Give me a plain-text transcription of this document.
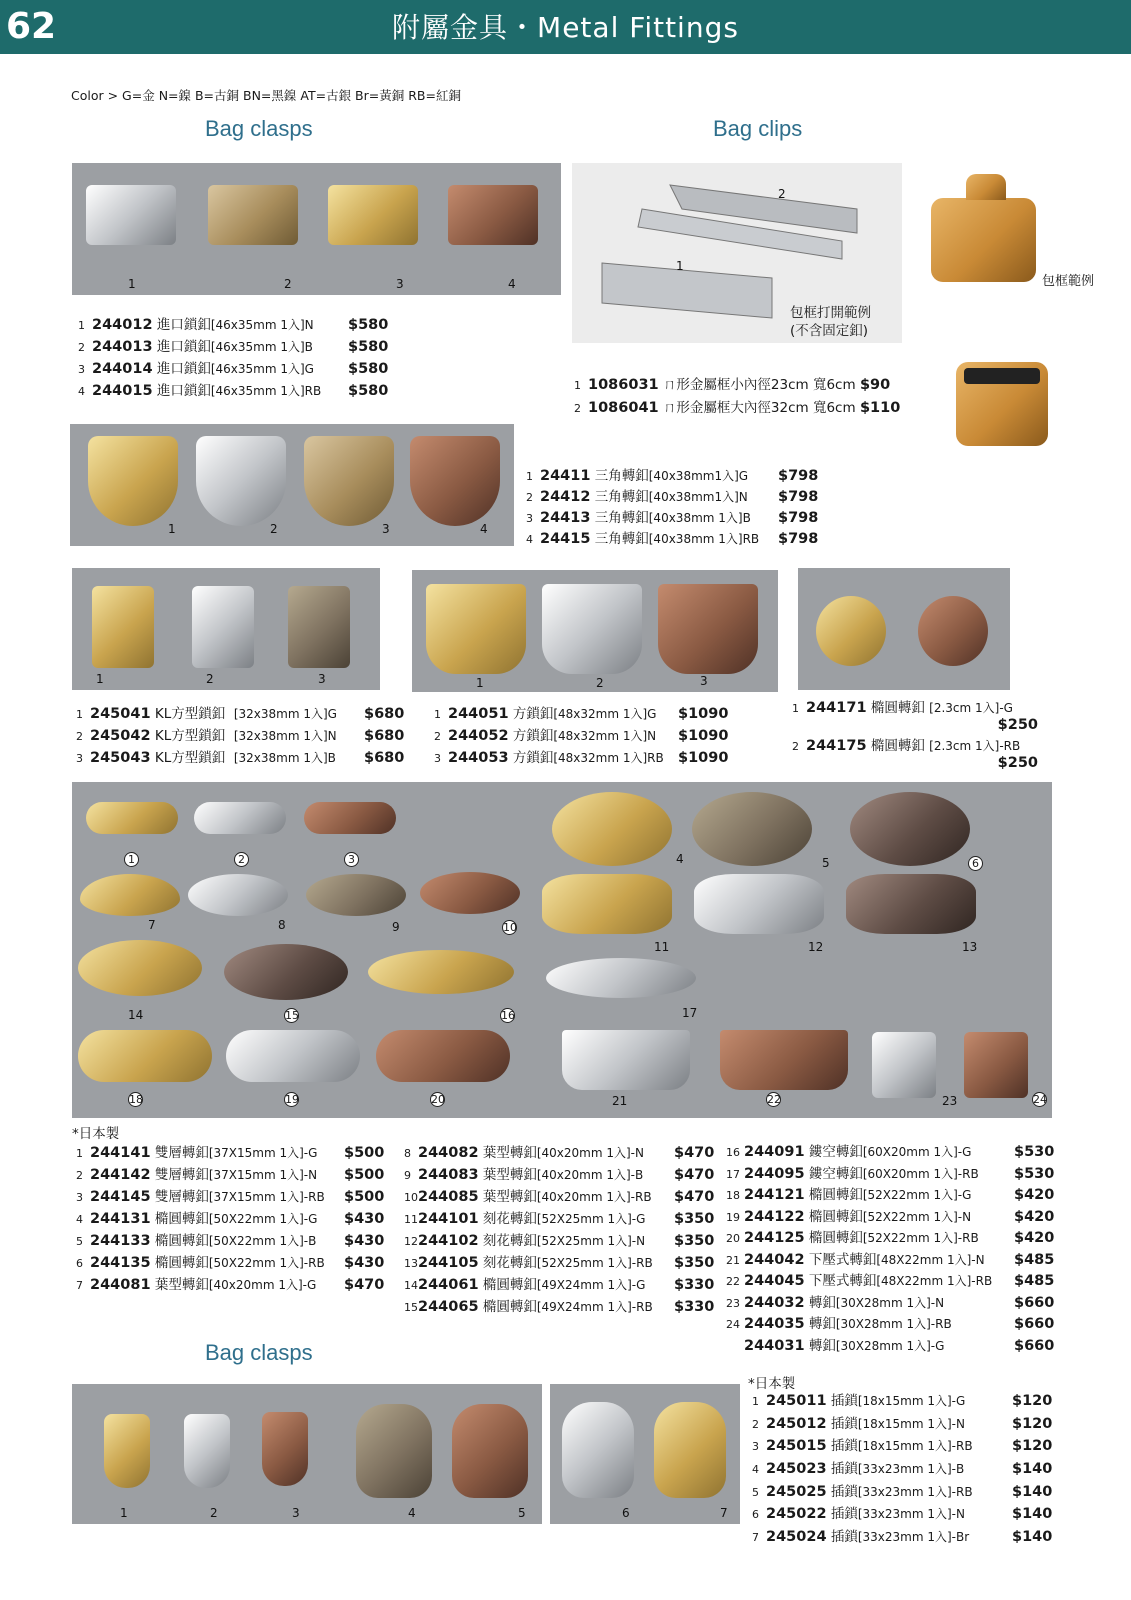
62	附屬金具・Metal Fittings
Color > G=金 N=鎳 B=古銅 BN=黑鎳 AT=古銀 Br=黃銅 RB=紅銅
Bag clasps	Bag clips
Bag clasps
1	2	3	4
1 244012 進口鎖釦[46x35mm 1入]N $580
2 244013 進口鎖釦[46x35mm 1入]B $580
3 244014 進口鎖釦[46x35mm 1入]G $580
4 244015 進口鎖釦[46x35mm 1入]RB $580
2
1
包框打開範例
(不含固定釦)
包框範例
1 1086031 ㄇ形金屬框小內徑23cm 寬6cm $90
2 1086041 ㄇ形金屬框大內徑32cm 寬6cm $110
1	2	3	4
1 24411 三角轉釦[40x38mm1入]G $798
2 24412 三角轉釦[40x38mm1入]N $798
3 24413 三角轉釦[40x38mm 1入]B $798
4 24415 三角轉釦[40x38mm 1入]RB $798
1	2	3	1	2	3
1 245041 KL方型鎖釦 [32x38mm 1入]G $680
2 245042 KL方型鎖釦 [32x38mm 1入]N $680
3 245043 KL方型鎖釦 [32x38mm 1入]B $680
1 244051 方鎖釦[48x32mm 1入]G $1090
2 244052 方鎖釦[48x32mm 1入]N $1090
3 244053 方鎖釦[48x32mm 1入]RB $1090
1 244171 橢圓轉釦 [2.3cm 1入]-G
$250
2 244175 橢圓轉釦 [2.3cm 1入]-RB
$250
1	2	3	4	5	6
7	8	9	10
11	12	13
14	15	16	17
18	19	20	21	22	23	24
*日本製
1 244141 雙層轉釦[37X15mm 1入]-G $500
2 244142 雙層轉釦[37X15mm 1入]-N $500
3 244145 雙層轉釦[37X15mm 1入]-RB $500
4 244131 橢圓轉釦[50X22mm 1入]-G $430
5 244133 橢圓轉釦[50X22mm 1入]-B $430
6 244135 橢圓轉釦[50X22mm 1入]-RB $430
7 244081 葉型轉釦[40x20mm 1入]-G $470
8 244082 葉型轉釦[40x20mm 1入]-N $470
9 244083 葉型轉釦[40x20mm 1入]-B $470
10244085 葉型轉釦[40x20mm 1入]-RB $470
11244101 刻花轉釦[52X25mm 1入]-G $350
12244102 刻花轉釦[52X25mm 1入]-N $350
13244105 刻花轉釦[52X25mm 1入]-RB $350
14244061 橢圓轉釦[49X24mm 1入]-G $330
15244065 橢圓轉釦[49X24mm 1入]-RB $330
16 244091 鏤空轉釦[60X20mm 1入]-G	$530
17 244095 鏤空轉釦[60X20mm 1入]-RB $530
18 244121 橢圓轉釦[52X22mm 1入]-G	$420
19 244122 橢圓轉釦[52X22mm 1入]-N	$420
20 244125 橢圓轉釦[52X22mm 1入]-RB $420
21 244042 下壓式轉釦[48X22mm 1入]-N $485
22 244045 下壓式轉釦[48X22mm 1入]-RB $485
23 244032 轉釦[30X28mm 1入]-N	$660
24 244035 轉釦[30X28mm 1入]-RB	$660
244031 轉釦[30X28mm 1入]-G	$660
*日本製
1	2	3	4	5	6	7
1 245011 插鎖[18x15mm 1入]-G	$120
2 245012 插鎖[18x15mm 1入]-N	$120
3 245015 插鎖[18x15mm 1入]-RB	$120
4 245023 插鎖[33x23mm 1入]-B	$140
5 245025 插鎖[33x23mm 1入]-RB	$140
6 245022 插鎖[33x23mm 1入]-N	$140
7 245024 插鎖[33x23mm 1入]-Br	$140
